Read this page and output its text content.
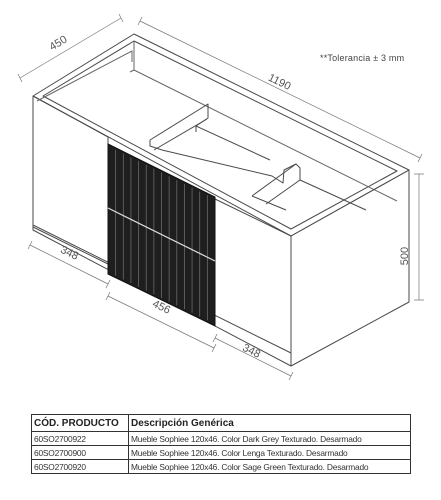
450
1190
500
348
456
348
**Tolerancia ± 3 mm
CÓD. PRODUCTO	Descripción Genérica
60SO2700922	Mueble Sophiee 120x46. Color Dark Grey Texturado. Desarmado
60SO2700900	Mueble Sophiee 120x46. Color Lenga Texturado. Desarmado
60SO2700920	Mueble Sophiee 120x46. Color Sage Green Texturado. Desarmado
